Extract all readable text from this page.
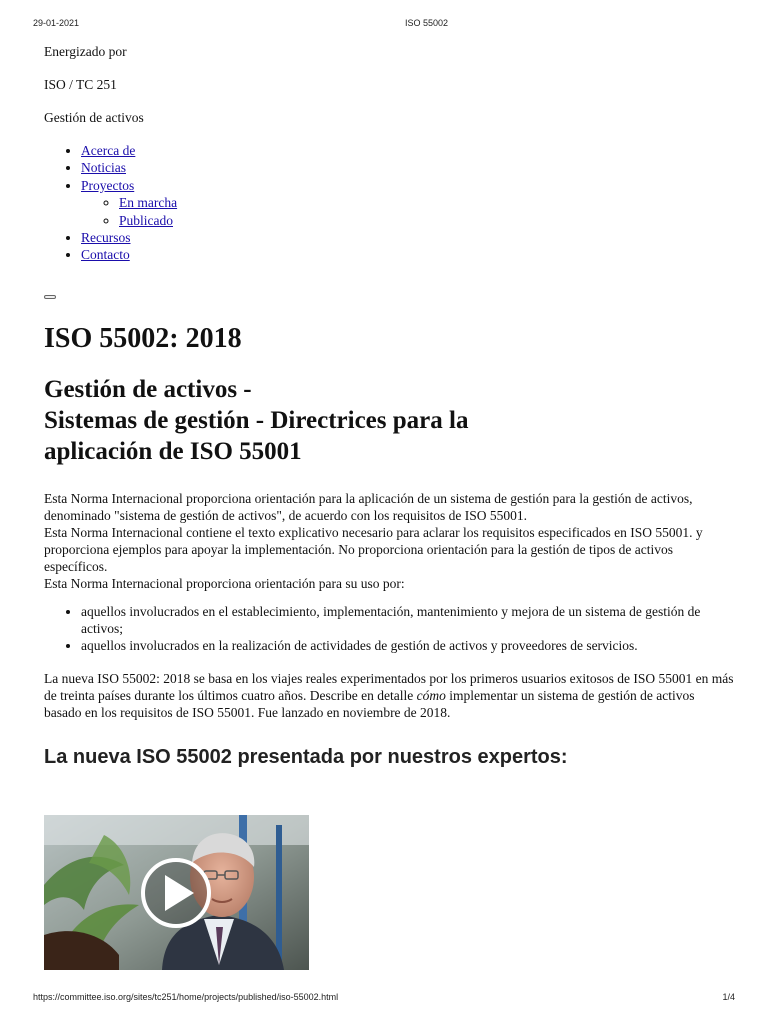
29-01-2021	ISO 55002

Energizado por

ISO / TC 251

Gestión de activos

• Acerca de
• Noticias
• Proyectos
◦ En marcha
◦ Publicado
• Recursos
• Contacto
ISO 55002: 2018
Gestión de activos -
Sistemas de gestión - Directrices para la
aplicación de ISO 55001

Esta Norma Internacional proporciona orientación para la aplicación de un sistema de gestión para la gestión de activos, denominado "sistema de gestión de activos", de acuerdo con los requisitos de ISO 55001.

Esta Norma Internacional contiene el texto explicativo necesario para aclarar los requisitos especificados en ISO 55001. y proporciona ejemplos para apoyar la implementación. No proporciona orientación para la gestión de tipos de activos específicos.

Esta Norma Internacional proporciona orientación para su uso por:

• aquellos involucrados en el establecimiento, implementación, mantenimiento y mejora de un sistema de gestión de activos;
• aquellos involucrados en la realización de actividades de gestión de activos y proveedores de servicios.

La nueva ISO 55002: 2018 se basa en los viajes reales experimentados por los primeros usuarios exitosos de ISO 55001 en más de treinta países durante los últimos cuatro años. Describe en detalle cómo implementar un sistema de gestión de activos basado en los requisitos de ISO 55001. Fue lanzado en noviembre de 2018.

La nueva ISO 55002 presentada por nuestros expertos:
https://committee.iso.org/sites/tc251/home/projects/published/iso-55002.html	1/4
